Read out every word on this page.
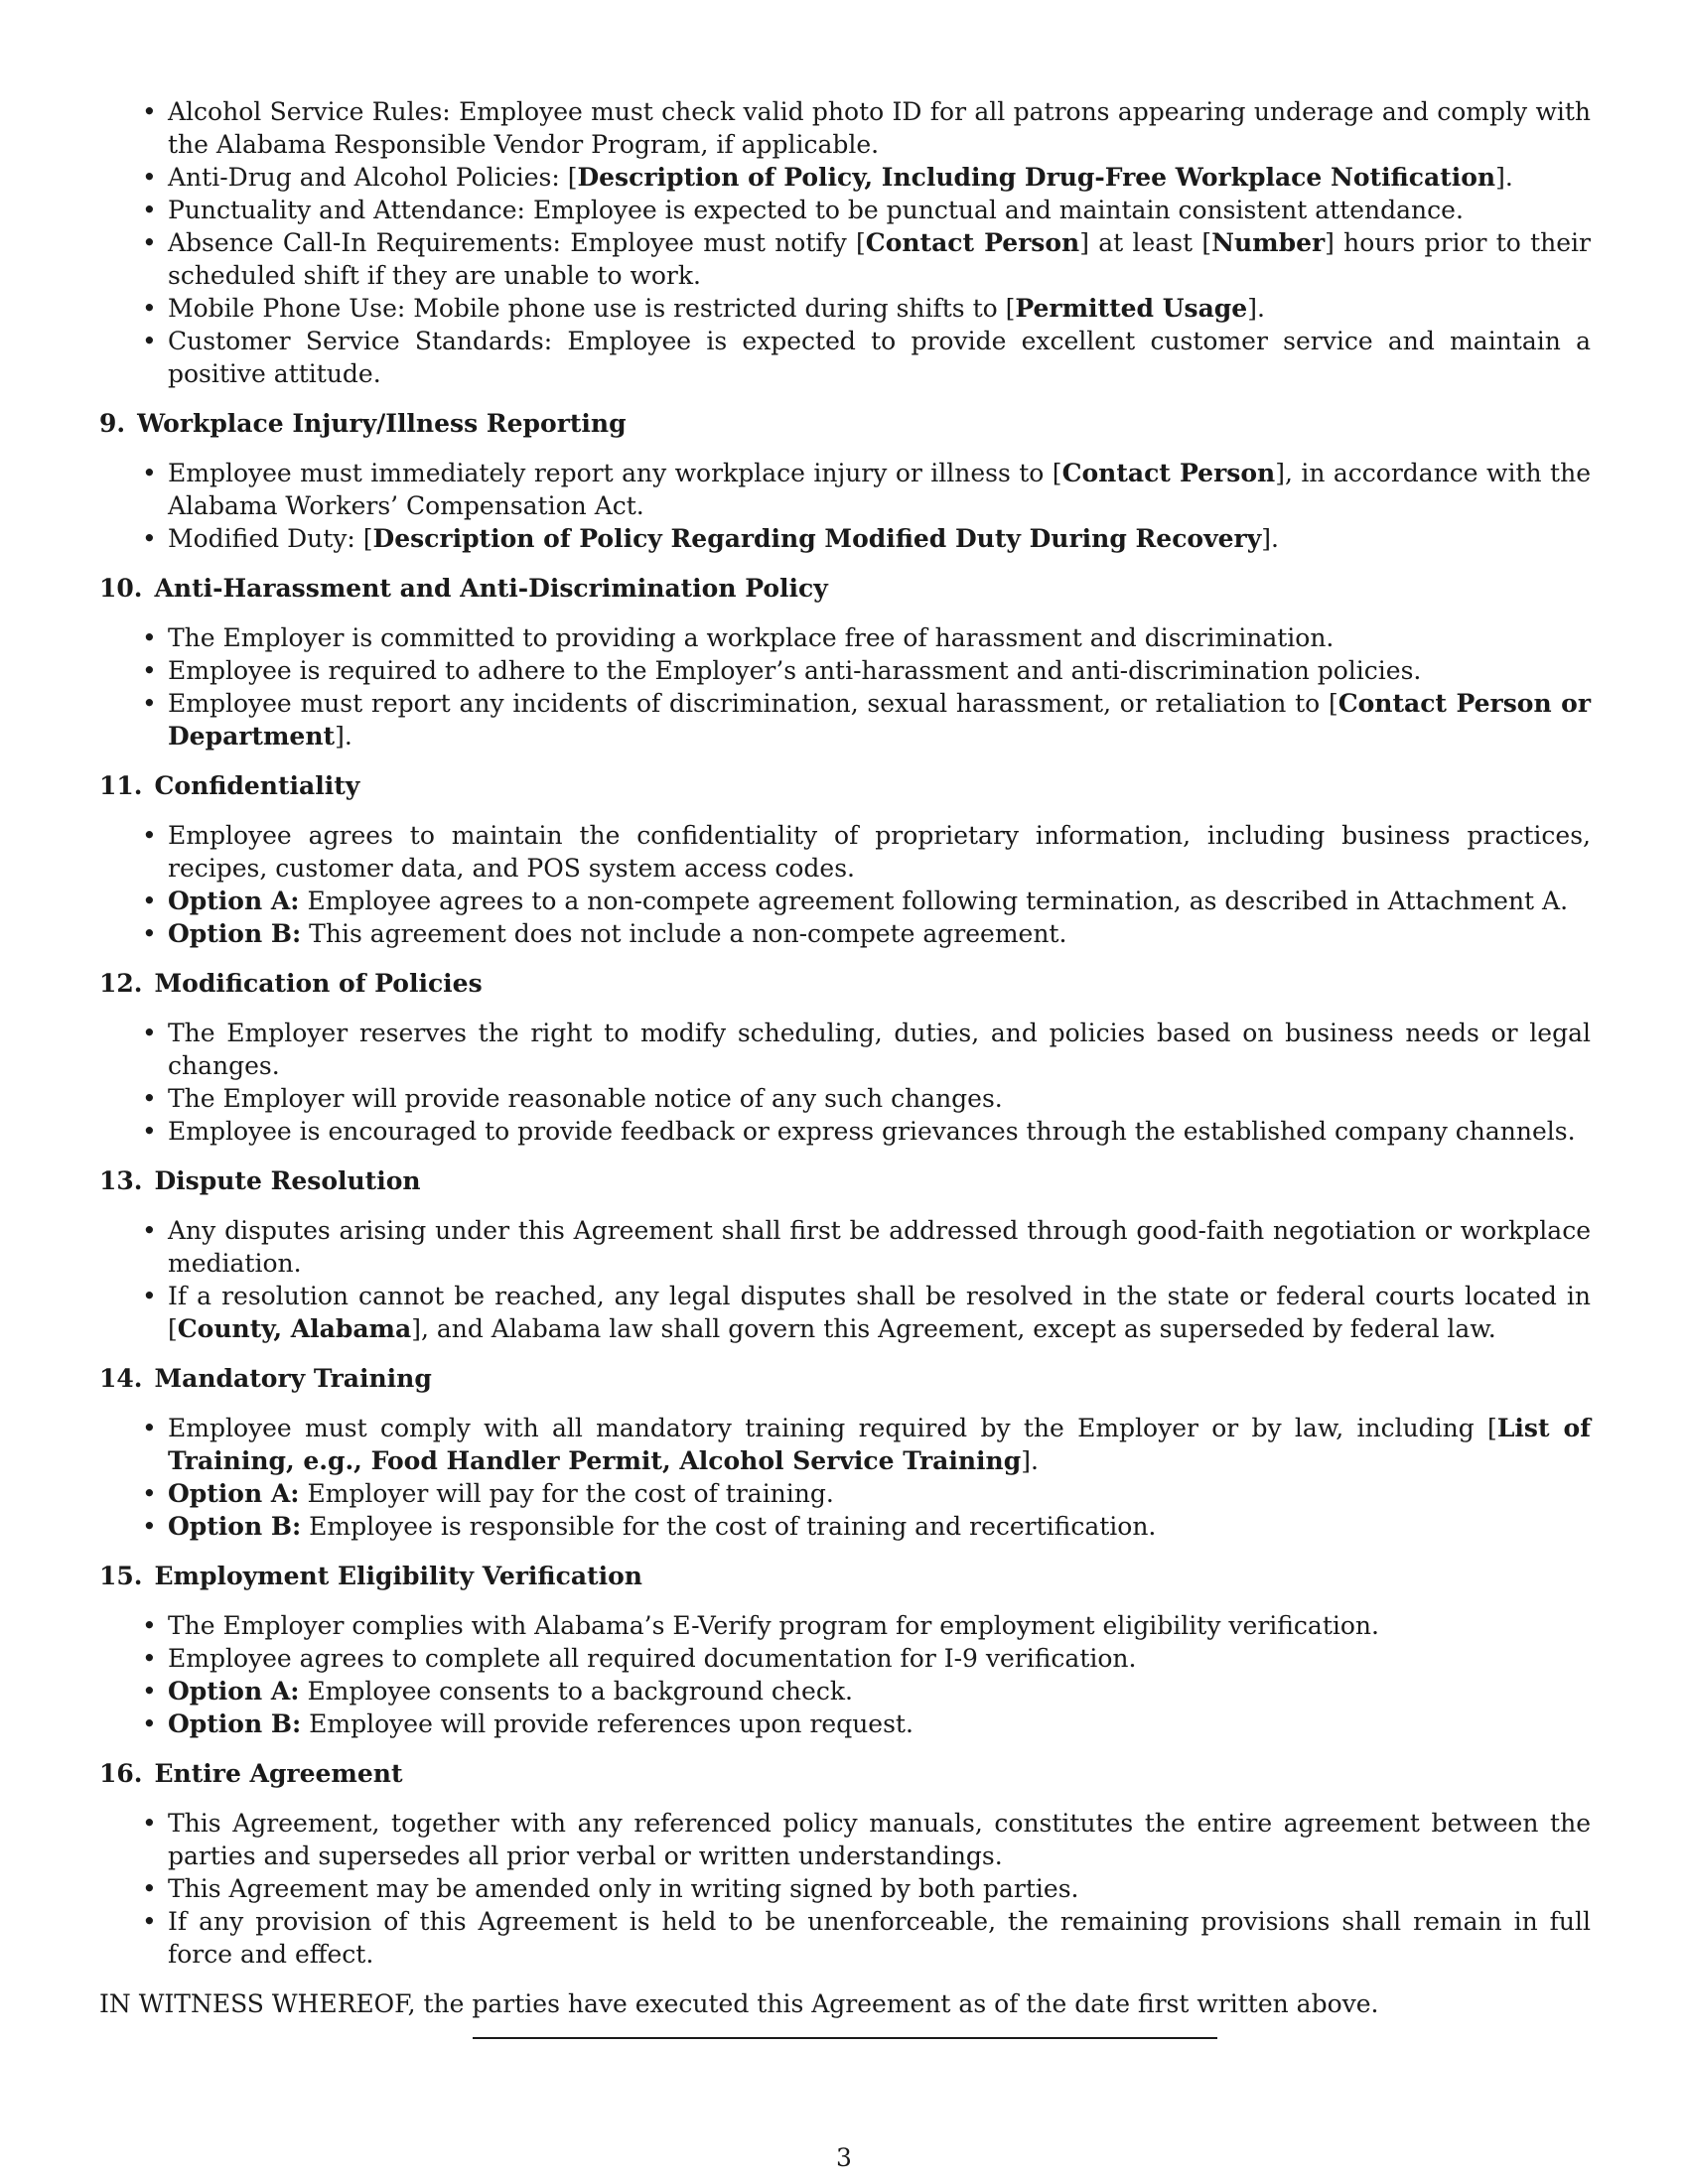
• Alcohol Service Rules: Employee must check valid photo ID for all patrons appearing underage and comply with the Alabama Responsible Vendor Program, if applicable.
• Anti-Drug and Alcohol Policies: [Description of Policy, Including Drug-Free Workplace Notification].
• Punctuality and Attendance: Employee is expected to be punctual and maintain consistent attendance.
• Absence Call-In Requirements: Employee must notify [Contact Person] at least [Number] hours prior to their scheduled shift if they are unable to work.
• Mobile Phone Use: Mobile phone use is restricted during shifts to [Permitted Usage].
• Customer Service Standards: Employee is expected to provide excellent customer service and maintain a positive attitude.
9. Workplace Injury/Illness Reporting
• Employee must immediately report any workplace injury or illness to [Contact Person], in accordance with the Alabama Workers’ Compensation Act.
• Modified Duty: [Description of Policy Regarding Modified Duty During Recovery].
10. Anti-Harassment and Anti-Discrimination Policy
• The Employer is committed to providing a workplace free of harassment and discrimination.
• Employee is required to adhere to the Employer’s anti-harassment and anti-discrimination policies.
• Employee must report any incidents of discrimination, sexual harassment, or retaliation to [Contact Person or Department].
11. Confidentiality
• Employee agrees to maintain the confidentiality of proprietary information, including business practices, recipes, customer data, and POS system access codes.
• Option A: Employee agrees to a non-compete agreement following termination, as described in Attachment A.
• Option B: This agreement does not include a non-compete agreement.
12. Modification of Policies
• The Employer reserves the right to modify scheduling, duties, and policies based on business needs or legal changes.
• The Employer will provide reasonable notice of any such changes.
• Employee is encouraged to provide feedback or express grievances through the established company channels.
13. Dispute Resolution
• Any disputes arising under this Agreement shall first be addressed through good-faith negotiation or workplace mediation.
• If a resolution cannot be reached, any legal disputes shall be resolved in the state or federal courts located in [County, Alabama], and Alabama law shall govern this Agreement, except as superseded by federal law.
14. Mandatory Training
• Employee must comply with all mandatory training required by the Employer or by law, including [List of Training, e.g., Food Handler Permit, Alcohol Service Training].
• Option A: Employer will pay for the cost of training.
• Option B: Employee is responsible for the cost of training and recertification.
15. Employment Eligibility Verification
• The Employer complies with Alabama’s E-Verify program for employment eligibility verification.
• Employee agrees to complete all required documentation for I-9 verification.
• Option A: Employee consents to a background check.
• Option B: Employee will provide references upon request.
16. Entire Agreement
• This Agreement, together with any referenced policy manuals, constitutes the entire agreement between the parties and supersedes all prior verbal or written understandings.
• This Agreement may be amended only in writing signed by both parties.
• If any provision of this Agreement is held to be unenforceable, the remaining provisions shall remain in full force and effect.
IN WITNESS WHEREOF, the parties have executed this Agreement as of the date first written above.
3
